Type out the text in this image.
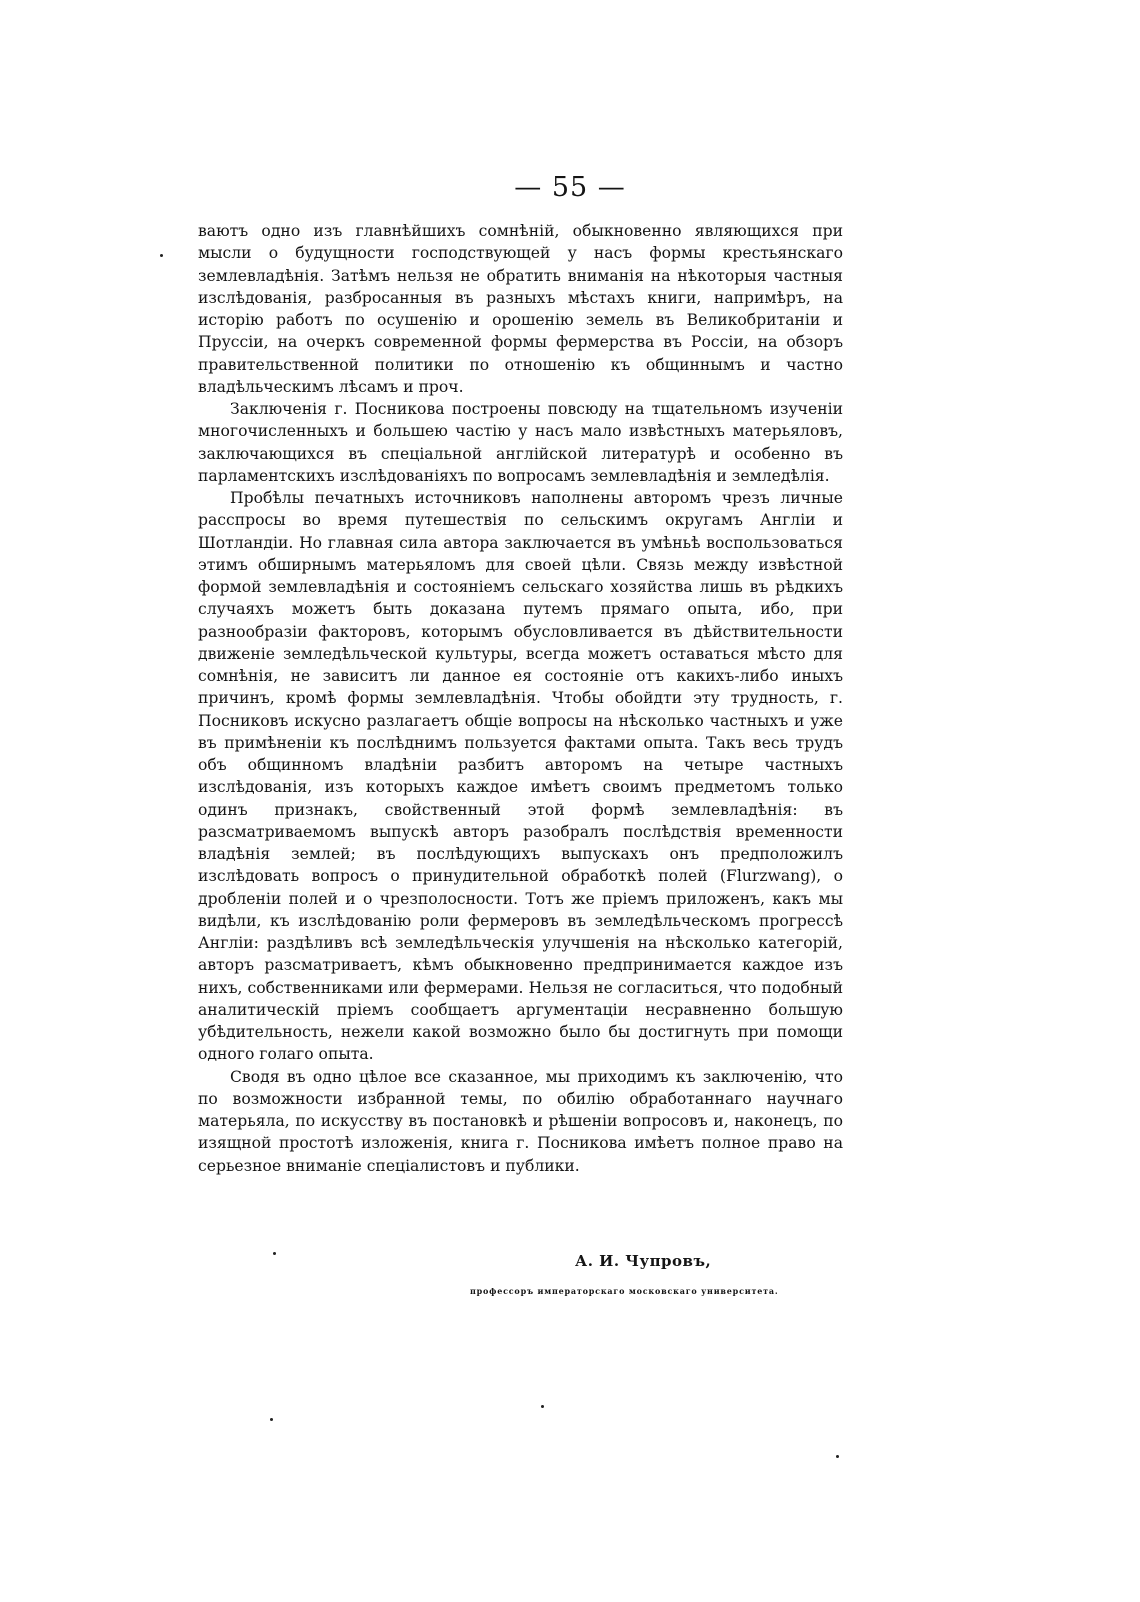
— 55 —

ваютъ одно изъ главнѣйшихъ сомнѣній, обыкновенно являющихся при мысли о будущности господствующей у насъ формы крестьянскаго землевладѣнія. Затѣмъ нельзя не обратить вниманія на нѣкоторыя частныя изслѣдованія, разбросанныя въ разныхъ мѣстахъ книги, напримѣръ, на исторію работъ по осушенію и орошенію земель въ Великобританіи и Пруссіи, на очеркъ современной формы фермерства въ Россіи, на обзоръ правительственной политики по отношенію къ общиннымъ и частно владѣльческимъ лѣсамъ и проч.

Заключенія г. Посникова построены повсюду на тщательномъ изученіи многочисленныхъ и большею частію у насъ мало извѣстныхъ матерьяловъ, заключающихся въ спеціальной англійской литературѣ и особенно въ парламентскихъ изслѣдованіяхъ по вопросамъ землевладѣнія и земледѣлія.

Пробѣлы печатныхъ источниковъ наполнены авторомъ чрезъ личные расспросы во время путешествія по сельскимъ округамъ Англіи и Шотландіи. Но главная сила автора заключается въ умѣньѣ воспользоваться этимъ обширнымъ матерьяломъ для своей цѣли. Связь между извѣстной формой землевладѣнія и состояніемъ сельскаго хозяйства лишь въ рѣдкихъ случаяхъ можетъ быть доказана путемъ прямаго опыта, ибо, при разнообразіи факторовъ, которымъ обусловливается въ дѣйствительности движеніе земледѣльческой культуры, всегда можетъ оставаться мѣсто для сомнѣнія, не зависитъ ли данное ея состояніе отъ какихъ-либо иныхъ причинъ, кромѣ формы землевладѣнія. Чтобы обойдти эту трудность, г. Посниковъ искусно разлагаетъ общіе вопросы на нѣсколько частныхъ и уже въ примѣненіи къ послѣднимъ пользуется фактами опыта. Такъ весь трудъ объ общинномъ владѣніи разбитъ авторомъ на четыре частныхъ изслѣдованія, изъ которыхъ каждое имѣетъ своимъ предметомъ только одинъ признакъ, свойственный этой формѣ землевладѣнія: въ разсматриваемомъ выпускѣ авторъ разобралъ послѣдствія временности владѣнія землей; въ послѣдующихъ выпускахъ онъ предположилъ изслѣдовать вопросъ о принудительной обработкѣ полей (Flurzwang), о дробленіи полей и о чрезполосности. Тотъ же пріемъ приложенъ, какъ мы видѣли, къ изслѣдованію роли фермеровъ въ земледѣльческомъ прогрессѣ Англіи: раздѣливъ всѣ земледѣльческія улучшенія на нѣсколько категорій, авторъ разсматриваетъ, кѣмъ обыкновенно предпринимается каждое изъ нихъ, собственниками или фермерами. Нельзя не согласиться, что подобный аналитическій пріемъ сообщаетъ аргументаціи несравненно большую убѣдительность, нежели какой возможно было бы достигнуть при помощи одного голаго опыта.

Сводя въ одно цѣлое все сказанное, мы приходимъ къ заключенію, что по возможности избранной темы, по обилію обработаннаго научнаго матерьяла, по искусству въ постановкѣ и рѣшеніи вопросовъ и, наконецъ, по изящной простотѣ изложенія, книга г. Посникова имѣетъ полное право на серьезное вниманіе спеціалистовъ и публики.

А. И. Чупровъ,
профессоръ императорскаго московскаго университета.
